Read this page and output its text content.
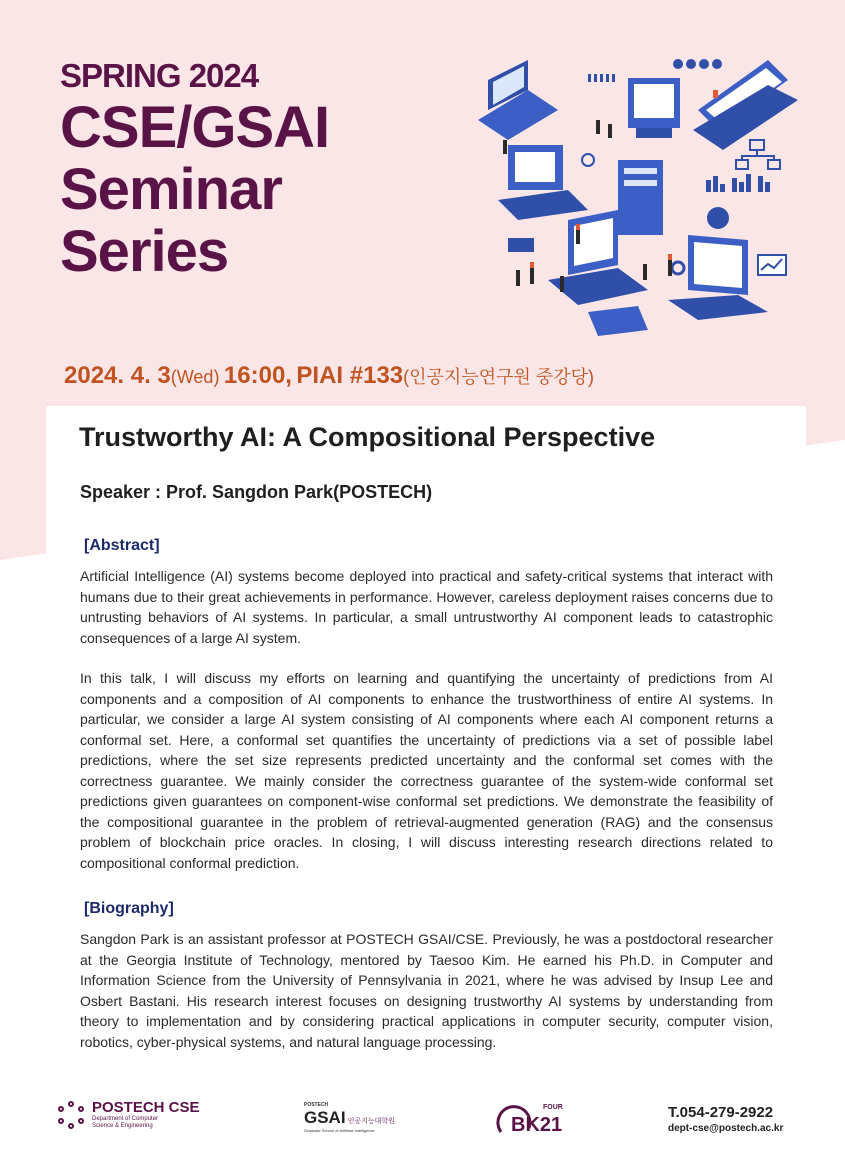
SPRING 2024
CSE/GSAI
Seminar
Series
2024. 4. 3(Wed) 16:00, PIAI #133(인공지능연구원 중강당)
Trustworthy AI: A Compositional Perspective
Speaker : Prof. Sangdon Park(POSTECH)
[Abstract]
Artificial Intelligence (AI) systems become deployed into practical and safety-critical systems that interact with humans due to their great achievements in performance. However, careless deployment raises concerns due to untrusting behaviors of AI systems. In particular, a small untrustworthy AI component leads to catastrophic consequences of a large AI system.
In this talk, I will discuss my efforts on learning and quantifying the uncertainty of predictions from AI components and a composition of AI components to enhance the trustworthiness of entire AI systems. In particular, we consider a large AI system consisting of AI components where each AI component returns a conformal set. Here, a conformal set quantifies the uncertainty of predictions via a set of possible label predictions, where the set size represents predicted uncertainty and the conformal set comes with the correctness guarantee. We mainly consider the correctness guarantee of the system-wide conformal set predictions given guarantees on component-wise conformal set predictions. We demonstrate the feasibility of the compositional guarantee in the problem of retrieval-augmented generation (RAG) and the consensus problem of blockchain price oracles. In closing, I will discuss interesting research directions related to compositional conformal prediction.
[Biography]
Sangdon Park is an assistant professor at POSTECH GSAI/CSE. Previously, he was a postdoctoral researcher at the Georgia Institute of Technology, mentored by Taesoo Kim. He earned his Ph.D. in Computer and Information Science from the University of Pennsylvania in 2021, where he was advised by Insup Lee and Osbert Bastani. His research interest focuses on designing trustworthy AI systems by understanding from theory to implementation and by considering practical applications in computer security, computer vision, robotics, cyber-physical systems, and natural language processing.
POSTECH CSE
Department of Computer
Science & Engineering
POSTECH
GSAI 인공지능대학원
Graduate School of Artificial Intelligence	BK21
FOUR	T.054-279-2922
dept-cse@postech.ac.kr
